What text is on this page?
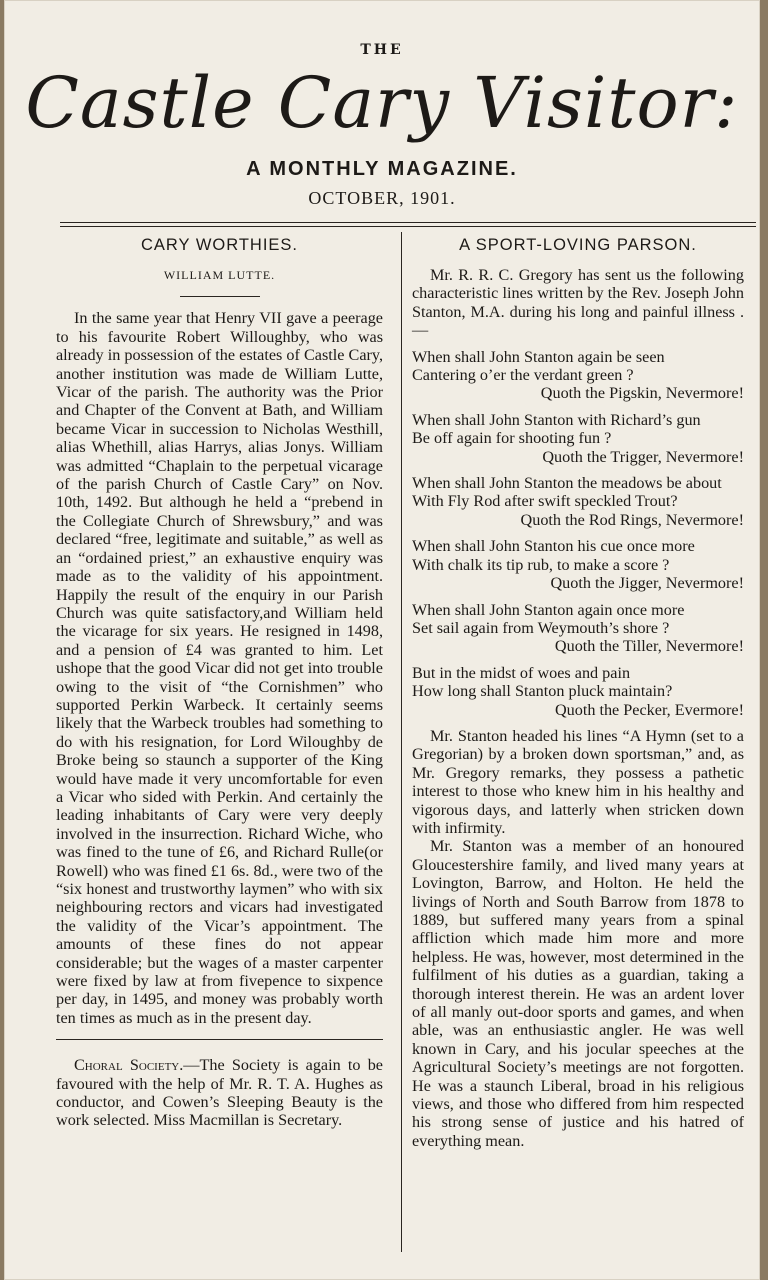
THE
Castle Cary Visitor:
A MONTHLY MAGAZINE.
OCTOBER, 1901.
CARY WORTHIES.
WILLIAM LUTTE.

In the same year that Henry VII gave a peerage to his favourite Robert Willoughby, who was already in possession of the estates of Castle Cary, another institution was made de William Lutte, Vicar of the parish. The authority was the Prior and Chapter of the Convent at Bath, and William became Vicar in succession to Nicholas Westhill, alias Whethill, alias Harrys, alias Jonys. William was admitted “Chaplain to the perpetual vicarage of the parish Church of Castle Cary” on Nov. 10th, 1492. But although he held a “prebend in the Collegiate Church of Shrewsbury,” and was declared “free, legitimate and suitable,” as well as an “ordained priest,” an exhaustive enquiry was made as to the validity of his appointment. Happily the result of the enquiry in our Parish Church was quite satisfactory,and William held the vicarage for six years. He resigned in 1498, and a pension of £4 was granted to him. Let ushope that the good Vicar did not get into trouble owing to the visit of “the Cornishmen” who supported Perkin Warbeck. It certainly seems likely that the Warbeck troubles had something to do with his resignation, for Lord Wiloughby de Broke being so staunch a supporter of the King would have made it very uncomfortable for even a Vicar who sided with Perkin. And certainly the leading inhabitants of Cary were very deeply involved in the insurrection. Richard Wiche, who was fined to the tune of £6, and Richard Rulle(or Rowell) who was fined £1 6s. 8d., were two of the “six honest and trustworthy laymen” who with six neighbouring rectors and vicars had investigated the validity of the Vicar’s appointment. The amounts of these fines do not appear considerable; but the wages of a master carpenter were fixed by law at from fivepence to sixpence per day, in 1495, and money was probably worth ten times as much as in the present day.

Choral Society.—The Society is again to be favoured with the help of Mr. R. T. A. Hughes as conductor, and Cowen’s Sleeping Beauty is the work selected. Miss Macmillan is Secretary.

A SPORT-LOVING PARSON.

Mr. R. R. C. Gregory has sent us the following characteristic lines written by the Rev. Joseph John Stanton, M.A. during his long and painful illness .—

When shall John Stanton again be seen

Cantering o’er the verdant green ?

Quoth the Pigskin, Nevermore!

When shall John Stanton with Richard’s gun

Be off again for shooting fun ?

Quoth the Trigger, Nevermore!

When shall John Stanton the meadows be about

With Fly Rod after swift speckled Trout?

Quoth the Rod Rings, Nevermore!

When shall John Stanton his cue once more

With chalk its tip rub, to make a score ?

Quoth the Jigger, Nevermore!

When shall John Stanton again once more

Set sail again from Weymouth’s shore ?

Quoth the Tiller, Nevermore!

But in the midst of woes and pain

How long shall Stanton pluck maintain?

Quoth the Pecker, Evermore!

Mr. Stanton headed his lines “A Hymn (set to a Gregorian) by a broken down sportsman,” and, as Mr. Gregory remarks, they possess a pathetic interest to those who knew him in his healthy and vigorous days, and latterly when stricken down with infirmity.

Mr. Stanton was a member of an honoured Gloucestershire family, and lived many years at Lovington, Barrow, and Holton. He held the livings of North and South Barrow from 1878 to 1889, but suffered many years from a spinal affliction which made him more and more helpless. He was, however, most determined in the fulfilment of his duties as a guardian, taking a thorough interest therein. He was an ardent lover of all manly out-door sports and games, and when able, was an enthusiastic angler. He was well known in Cary, and his jocular speeches at the Agricultural Society’s meetings are not forgotten. He was a staunch Liberal, broad in his religious views, and those who differed from him respected his strong sense of justice and his hatred of everything mean.
